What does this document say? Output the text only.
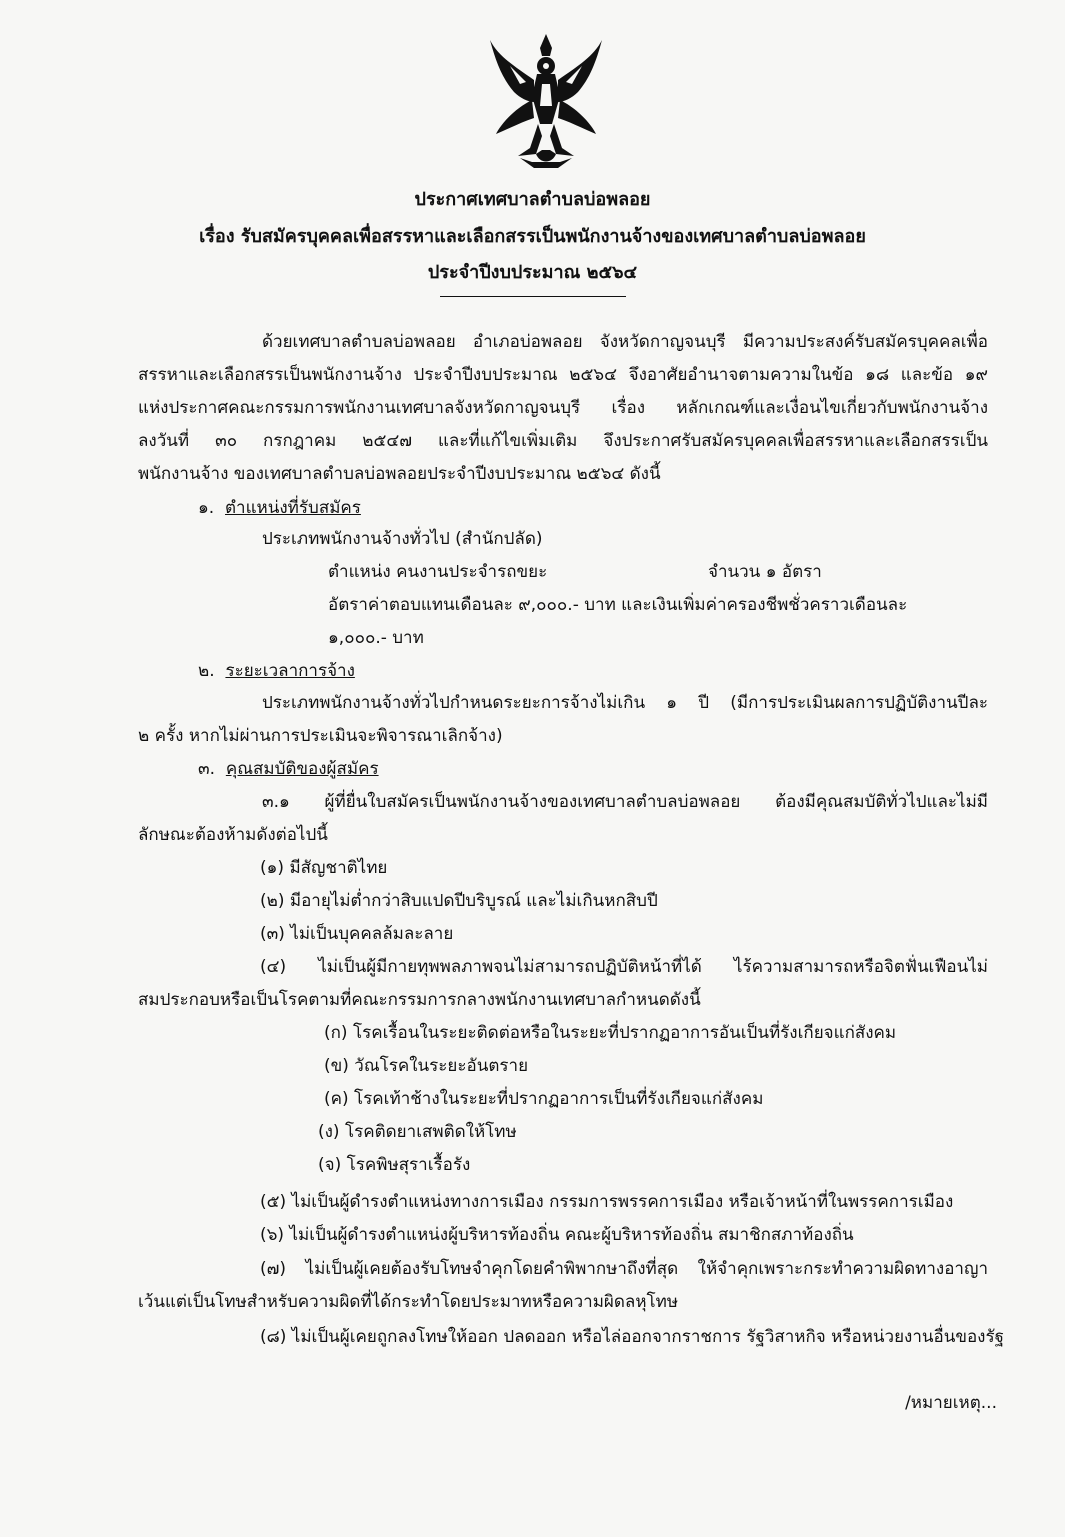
ประกาศเทศบาลตำบลบ่อพลอย
เรื่อง รับสมัครบุคคลเพื่อสรรหาและเลือกสรรเป็นพนักงานจ้างของเทศบาลตำบลบ่อพลอย
ประจำปีงบประมาณ ๒๕๖๔
ด้วยเทศบาลตำบลบ่อพลอย อำเภอบ่อพลอย จังหวัดกาญจนบุรี มีความประสงค์รับสมัครบุคคลเพื่อ
สรรหาและเลือกสรรเป็นพนักงานจ้าง ประจำปีงบประมาณ ๒๕๖๔ จึงอาศัยอำนาจตามความในข้อ ๑๘ และข้อ ๑๙
แห่งประกาศคณะกรรมการพนักงานเทศบาลจังหวัดกาญจนบุรี เรื่อง หลักเกณฑ์และเงื่อนไขเกี่ยวกับพนักงานจ้าง
ลงวันที่ ๓๐ กรกฎาคม ๒๕๔๗ และที่แก้ไขเพิ่มเติม จึงประกาศรับสมัครบุคคลเพื่อสรรหาและเลือกสรรเป็น
พนักงานจ้าง ของเทศบาลตำบลบ่อพลอยประจำปีงบประมาณ ๒๕๖๔ ดังนี้
๑. ตำแหน่งที่รับสมัคร
ประเภทพนักงานจ้างทั่วไป (สำนักปลัด)
ตำแหน่ง คนงานประจำรถขยะ	จำนวน ๑ อัตรา
อัตราค่าตอบแทนเดือนละ ๙,๐๐๐.- บาท และเงินเพิ่มค่าครองชีพชั่วคราวเดือนละ
๑,๐๐๐.- บาท
๒. ระยะเวลาการจ้าง
ประเภทพนักงานจ้างทั่วไปกำหนดระยะการจ้างไม่เกิน ๑ ปี (มีการประเมินผลการปฏิบัติงานปีละ
๒ ครั้ง หากไม่ผ่านการประเมินจะพิจารณาเลิกจ้าง)
๓. คุณสมบัติของผู้สมัคร
๓.๑ ผู้ที่ยื่นใบสมัครเป็นพนักงานจ้างของเทศบาลตำบลบ่อพลอย ต้องมีคุณสมบัติทั่วไปและไม่มี
ลักษณะต้องห้ามดังต่อไปนี้
(๑) มีสัญชาติไทย
(๒) มีอายุไม่ต่ำกว่าสิบแปดปีบริบูรณ์ และไม่เกินหกสิบปี
(๓) ไม่เป็นบุคคลล้มละลาย
(๔) ไม่เป็นผู้มีกายทุพพลภาพจนไม่สามารถปฏิบัติหน้าที่ได้ ไร้ความสามารถหรือจิตฟั่นเฟือนไม่
สมประกอบหรือเป็นโรคตามที่คณะกรรมการกลางพนักงานเทศบาลกำหนดดังนี้
(ก) โรคเรื้อนในระยะติดต่อหรือในระยะที่ปรากฏอาการอันเป็นที่รังเกียจแก่สังคม
(ข) วัณโรคในระยะอันตราย
(ค) โรคเท้าช้างในระยะที่ปรากฏอาการเป็นที่รังเกียจแก่สังคม
(ง) โรคติดยาเสพติดให้โทษ
(จ) โรคพิษสุราเรื้อรัง
(๕) ไม่เป็นผู้ดำรงตำแหน่งทางการเมือง กรรมการพรรคการเมือง หรือเจ้าหน้าที่ในพรรคการเมือง
(๖) ไม่เป็นผู้ดำรงตำแหน่งผู้บริหารท้องถิ่น คณะผู้บริหารท้องถิ่น สมาชิกสภาท้องถิ่น
(๗) ไม่เป็นผู้เคยต้องรับโทษจำคุกโดยคำพิพากษาถึงที่สุด ให้จำคุกเพราะกระทำความผิดทางอาญา
เว้นแต่เป็นโทษสำหรับความผิดที่ได้กระทำโดยประมาทหรือความผิดลหุโทษ
(๘) ไม่เป็นผู้เคยถูกลงโทษให้ออก ปลดออก หรือไล่ออกจากราชการ รัฐวิสาหกิจ หรือหน่วยงานอื่นของรัฐ
/หมายเหตุ...
